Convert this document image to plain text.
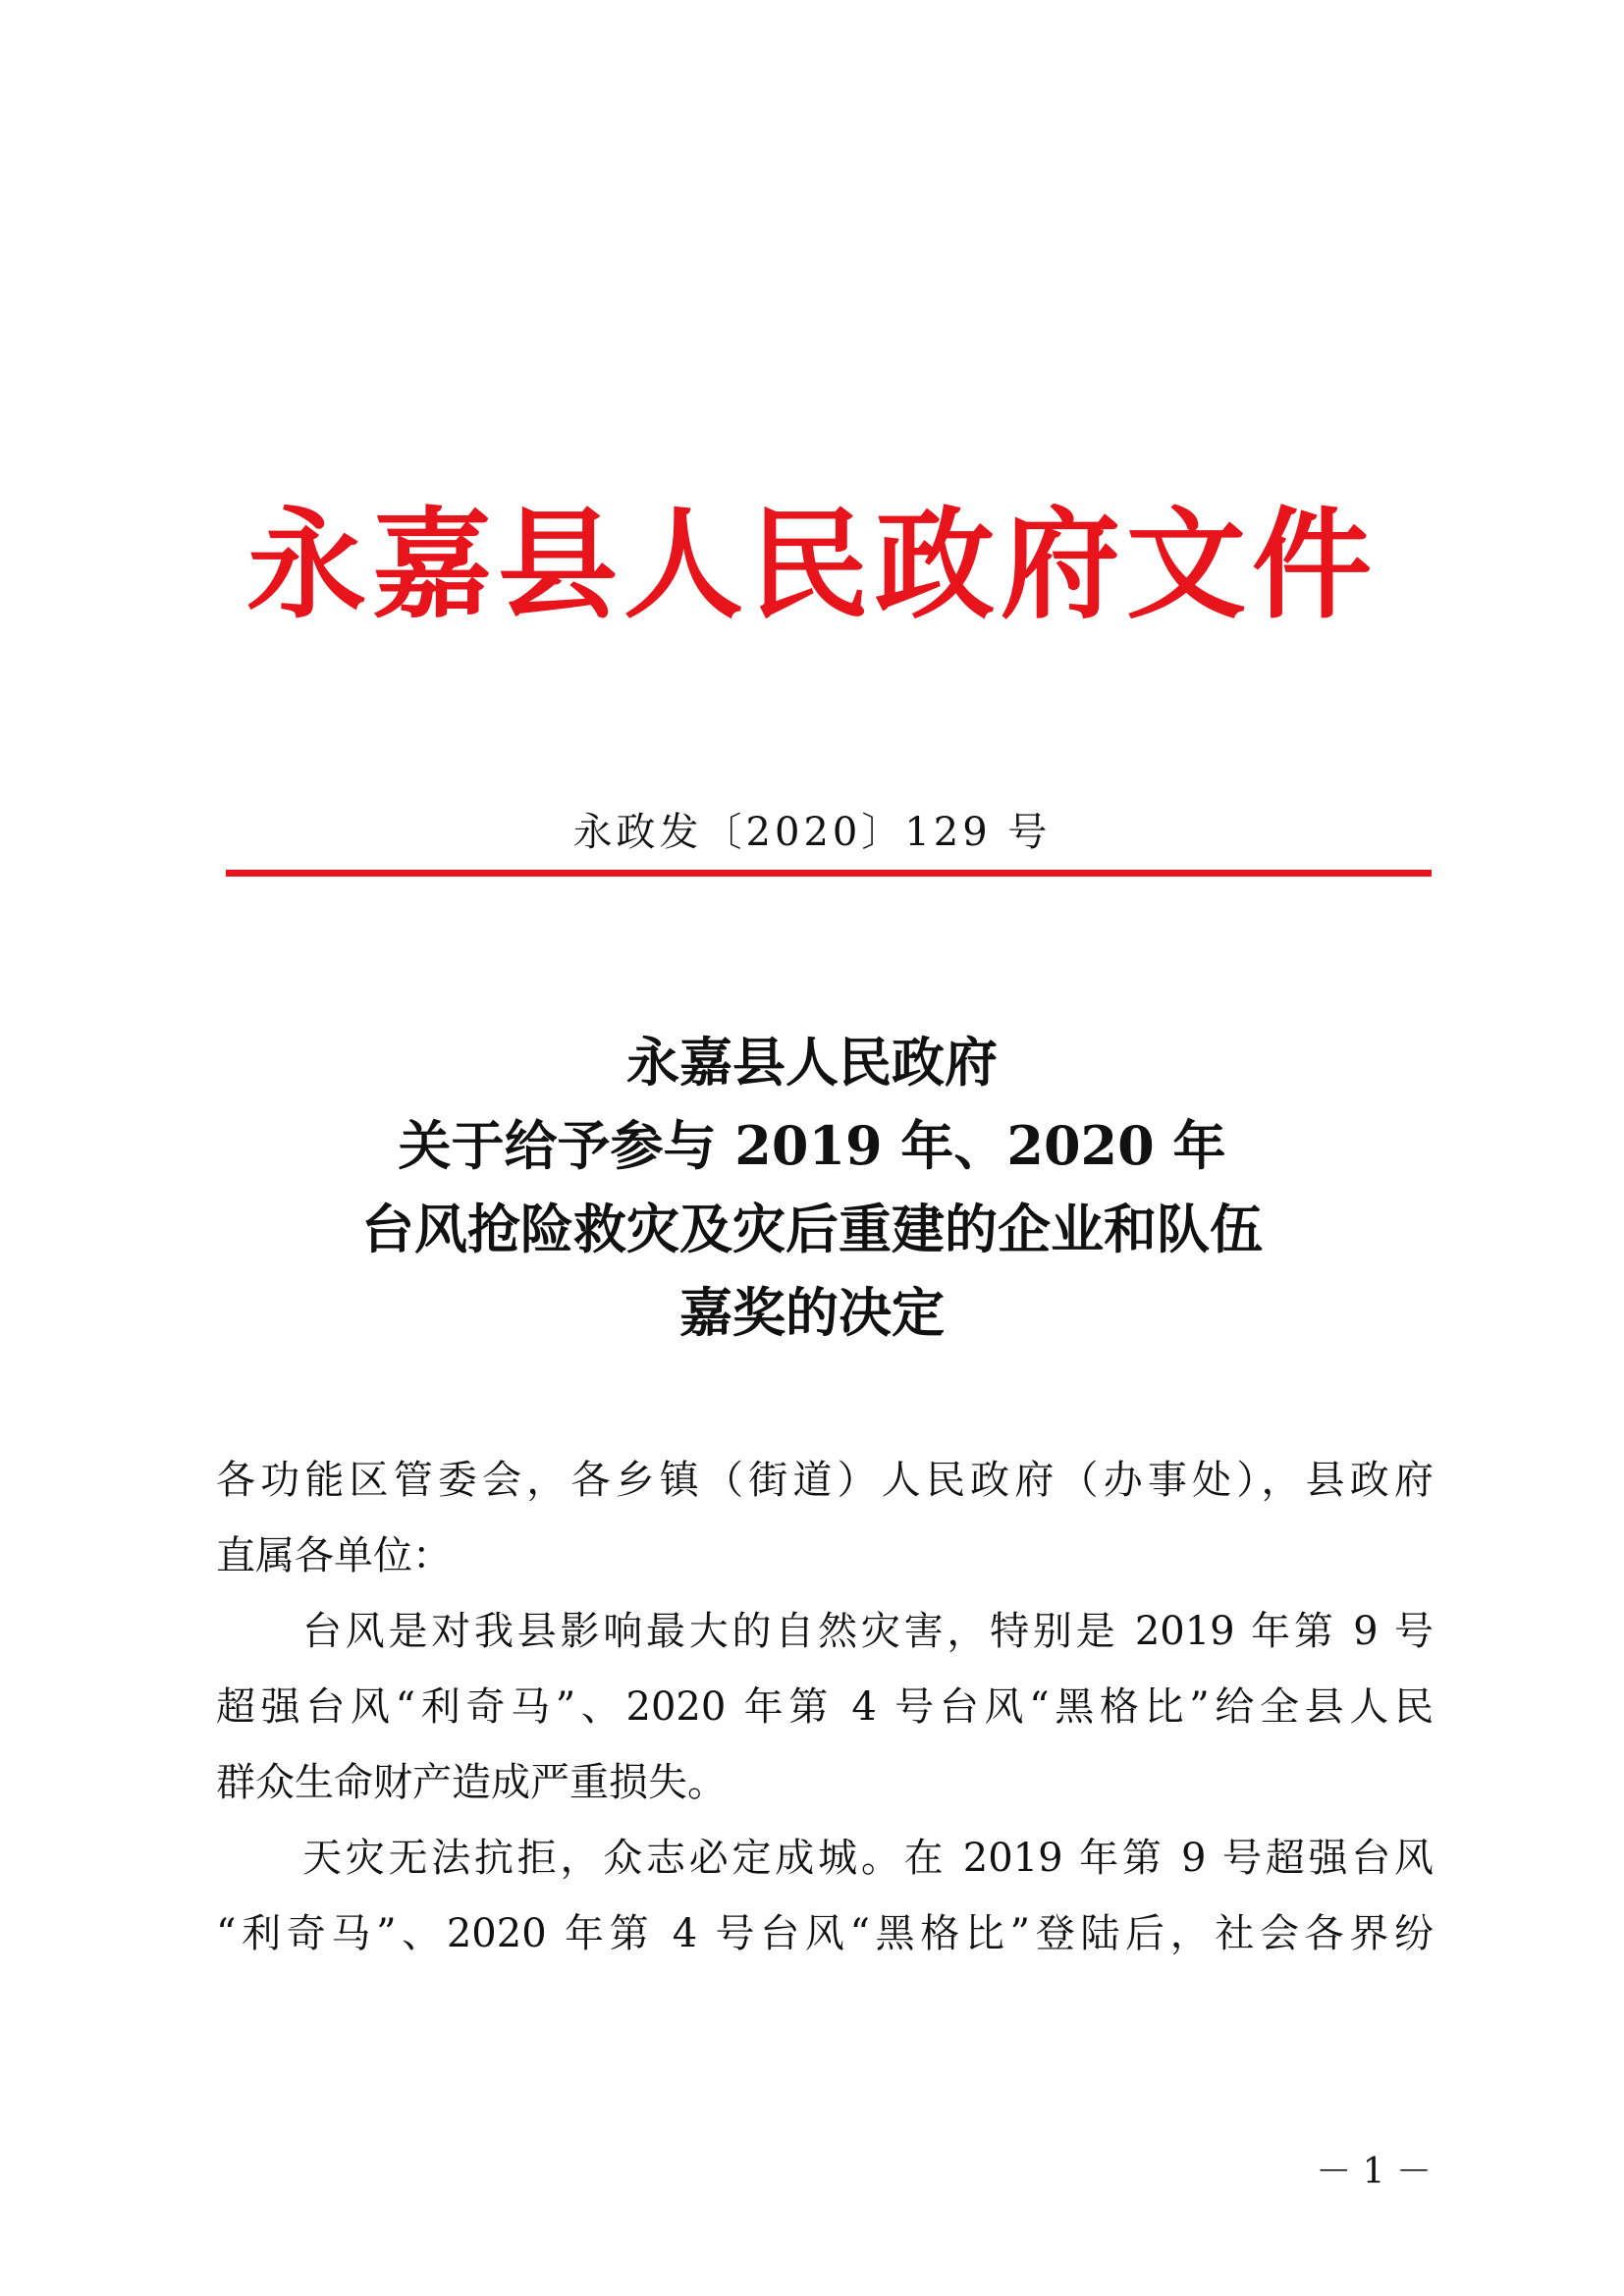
永嘉县人民政府文件
永政发〔2020〕129 号
永嘉县人民政府
关于给予参与 2019 年、2020 年
台风抢险救灾及灾后重建的企业和队伍
嘉奖的决定
各功能区管委会，各乡镇（街道）人民政府（办事处），县政府
直属各单位：
台风是对我县影响最大的自然灾害，特别是 2019 年第 9 号
超强台风“利奇马”、2020 年第 4 号台风“黑格比”给全县人民
群众生命财产造成严重损失。
天灾无法抗拒，众志必定成城。在 2019 年第 9 号超强台风
“利奇马”、2020 年第 4 号台风“黑格比”登陆后，社会各界纷
－ 1 －
